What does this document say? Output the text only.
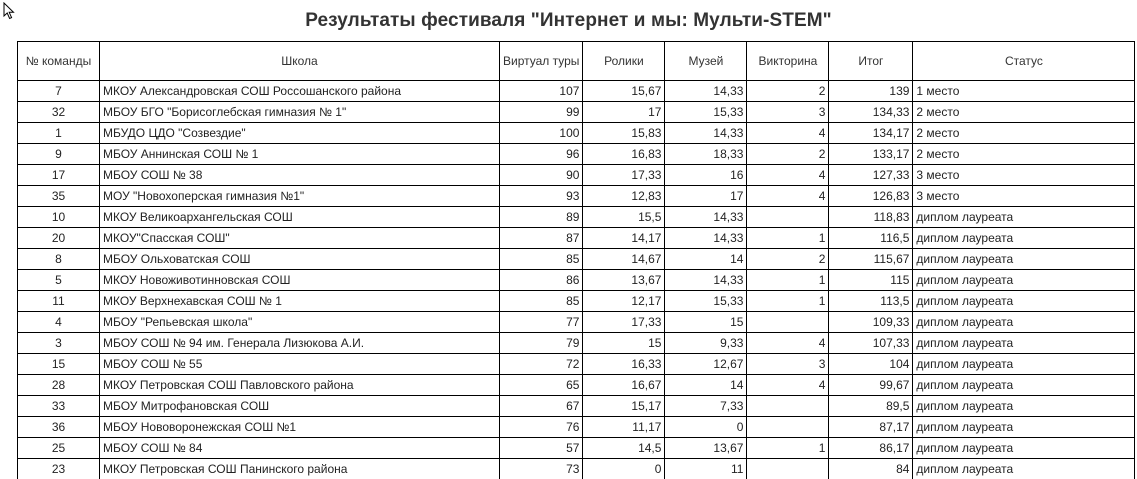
Результаты фестиваля "Интернет и мы: Мульти-STEM"
№ команды	Школа	Виртуал туры	Ролики	Музей	Викторина	Итог	Статус
7	МКОУ Александровская СОШ Россошанского района	107	15,67	14,33	2	139	1 место
32	МБОУ БГО "Борисоглебская гимназия № 1"	99	17	15,33	3	134,33	2 место
1	МБУДО ЦДО "Созвездие"	100	15,83	14,33	4	134,17	2 место
9	МБОУ Аннинская СОШ № 1	96	16,83	18,33	2	133,17	2 место
17	МБОУ СОШ № 38	90	17,33	16	4	127,33	3 место
35	МОУ "Новохоперская гимназия №1"	93	12,83	17	4	126,83	3 место
10	МКОУ Великоархангельская СОШ	89	15,5	14,33		118,83	диплом лауреата
20	МКОУ"Спасская СОШ"	87	14,17	14,33	1	116,5	диплом лауреата
8	МБОУ Ольховатская СОШ	85	14,67	14	2	115,67	диплом лауреата
5	МКОУ Новоживотинновская СОШ	86	13,67	14,33	1	115	диплом лауреата
11	МКОУ Верхнехавская СОШ № 1	85	12,17	15,33	1	113,5	диплом лауреата
4	МБОУ "Репьевская школа"	77	17,33	15		109,33	диплом лауреата
3	МБОУ СОШ № 94 им. Генерала Лизюкова А.И.	79	15	9,33	4	107,33	диплом лауреата
15	МБОУ СОШ № 55	72	16,33	12,67	3	104	диплом лауреата
28	МКОУ Петровская СОШ Павловского района	65	16,67	14	4	99,67	диплом лауреата
33	МБОУ Митрофановская СОШ	67	15,17	7,33		89,5	диплом лауреата
36	МБОУ Нововоронежская СОШ №1	76	11,17	0		87,17	диплом лауреата
25	МБОУ СОШ № 84	57	14,5	13,67	1	86,17	диплом лауреата
23	МКОУ Петровская СОШ Панинского района	73	0	11		84	диплом лауреата
